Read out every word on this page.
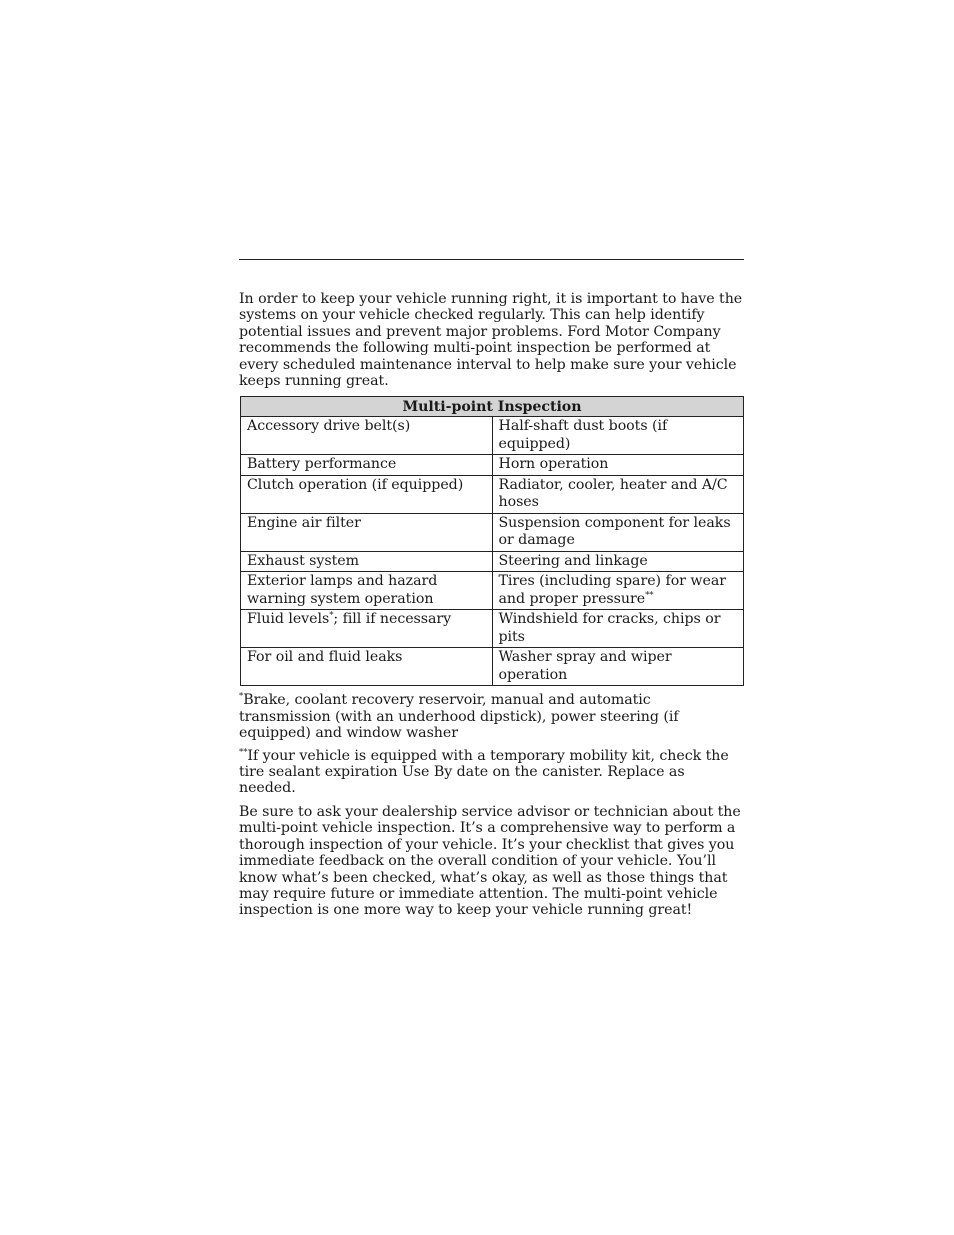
In order to keep your vehicle running right, it is important to have the systems on your vehicle checked regularly. This can help identify potential issues and prevent major problems. Ford Motor Company recommends the following multi-point inspection be performed at every scheduled maintenance interval to help make sure your vehicle keeps running great.

Multi-point Inspection	
Accessory drive belt(s)	Half-shaft dust boots (if equipped)
Battery performance	Horn operation
Clutch operation (if equipped)	Radiator, cooler, heater and A/C hoses
Engine air filter	Suspension component for leaks or damage
Exhaust system	Steering and linkage
Exterior lamps and hazard warning system operation	Tires (including spare) for wear and proper pressure**
Fluid levels*; fill if necessary	Windshield for cracks, chips or pits
For oil and fluid leaks	Washer spray and wiper operation

*Brake, coolant recovery reservoir, manual and automatic transmission (with an underhood dipstick), power steering (if equipped) and window washer

**If your vehicle is equipped with a temporary mobility kit, check the tire sealant expiration Use By date on the canister. Replace as needed.

Be sure to ask your dealership service advisor or technician about the multi-point vehicle inspection. It’s a comprehensive way to perform a thorough inspection of your vehicle. It’s your checklist that gives you immediate feedback on the overall condition of your vehicle. You’ll know what’s been checked, what’s okay, as well as those things that may require future or immediate attention. The multi-point vehicle inspection is one more way to keep your vehicle running great!
